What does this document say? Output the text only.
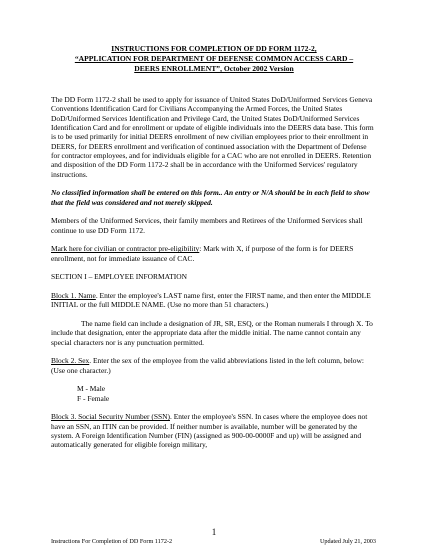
INSTRUCTIONS FOR COMPLETION OF DD FORM 1172-2,
“APPLICATION FOR DEPARTMENT OF DEFENSE COMMON ACCESS CARD –
DEERS ENROLLMENT”, October 2002 Version

The DD Form 1172-2 shall be used to apply for issuance of United States DoD/Uniformed Services Geneva Conventions Identification Card for Civilians Accompanying the Armed Forces, the United States DoD/Uniformed Services Identification and Privilege Card, the United States DoD/Uniformed Services Identification Card and for enrollment or update of eligible individuals into the DEERS data base. This form is to be used primarily for initial DEERS enrollment of new civilian employees prior to their enrollment in DEERS, for DEERS enrollment and verification of continued association with the Department of Defense for contractor employees, and for individuals eligible for a CAC who are not enrolled in DEERS. Retention and disposition of the DD Form 1172-2 shall be in accordance with the Uniformed Services' regulatory instructions.

No classified information shall be entered on this form.. An entry or N/A should be in each field to show that the field was considered and not merely skipped.

Members of the Uniformed Services, their family members and Retirees of the Uniformed Services shall continue to use DD Form 1172.

Mark here for civilian or contractor pre-eligibility: Mark with X, if purpose of the form is for DEERS enrollment, not for immediate issuance of CAC.

SECTION I – EMPLOYEE INFORMATION

Block 1. Name. Enter the employee's LAST name first, enter the FIRST name, and then enter the MIDDLE INITIAL or the full MIDDLE NAME. (Use no more than 51 characters.)

The name field can include a designation of JR, SR, ESQ, or the Roman numerals I through X. To include that designation, enter the appropriate data after the middle initial. The name cannot contain any special characters nor is any punctuation permitted.

Block 2. Sex. Enter the sex of the employee from the valid abbreviations listed in the left column, below: (Use one character.)

M - Male
F - Female

Block 3. Social Security Number (SSN). Enter the employee's SSN. In cases where the employee does not have an SSN, an ITIN can be provided. If neither number is available, number will be generated by the system. A Foreign Identification Number (FIN) (assigned as 900-00-0000F and up) will be assigned and automatically generated for eligible foreign military,

1
Instructions For Completion of DD Form 1172-2	Updated July 21, 2003
